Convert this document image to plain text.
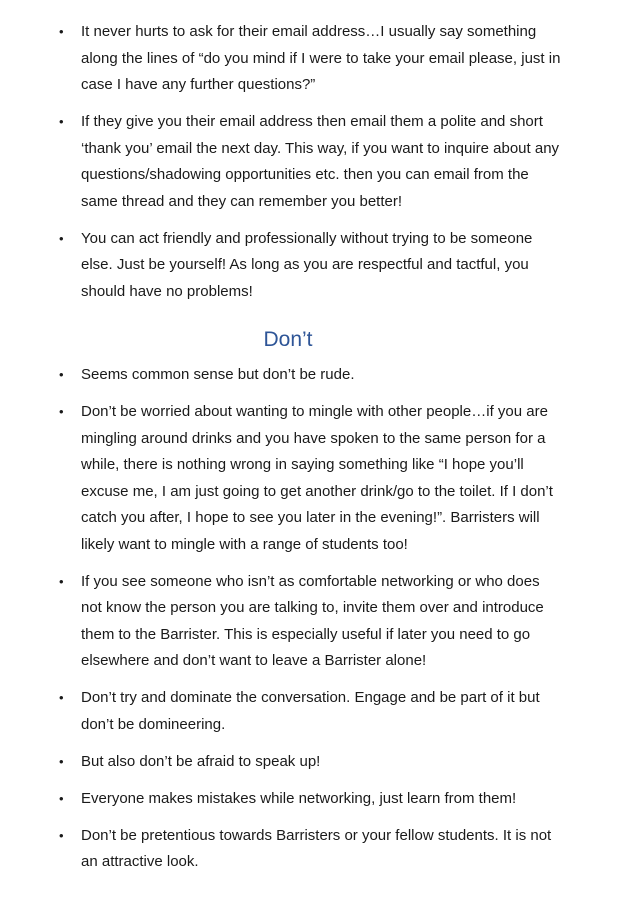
• It never hurts to ask for their email address…I usually say something along the lines of “do you mind if I were to take your email please, just in case I have any further questions?”
• If they give you their email address then email them a polite and short ‘thank you’ email the next day. This way, if you want to inquire about any questions/shadowing opportunities etc. then you can email from the same thread and they can remember you better!
• You can act friendly and professionally without trying to be someone else. Just be yourself! As long as you are respectful and tactful, you should have no problems!
Don’t
• Seems common sense but don’t be rude.
• Don’t be worried about wanting to mingle with other people…if you are mingling around drinks and you have spoken to the same person for a while, there is nothing wrong in saying something like “I hope you’ll excuse me, I am just going to get another drink/go to the toilet. If I don’t catch you after, I hope to see you later in the evening!”. Barristers will likely want to mingle with a range of students too!
• If you see someone who isn’t as comfortable networking or who does not know the person you are talking to, invite them over and introduce them to the Barrister. This is especially useful if later you need to go elsewhere and don’t want to leave a Barrister alone!
• Don’t try and dominate the conversation. Engage and be part of it but don’t be domineering.
• But also don’t be afraid to speak up!
• Everyone makes mistakes while networking, just learn from them!
• Don’t be pretentious towards Barristers or your fellow students. It is not an attractive look.
